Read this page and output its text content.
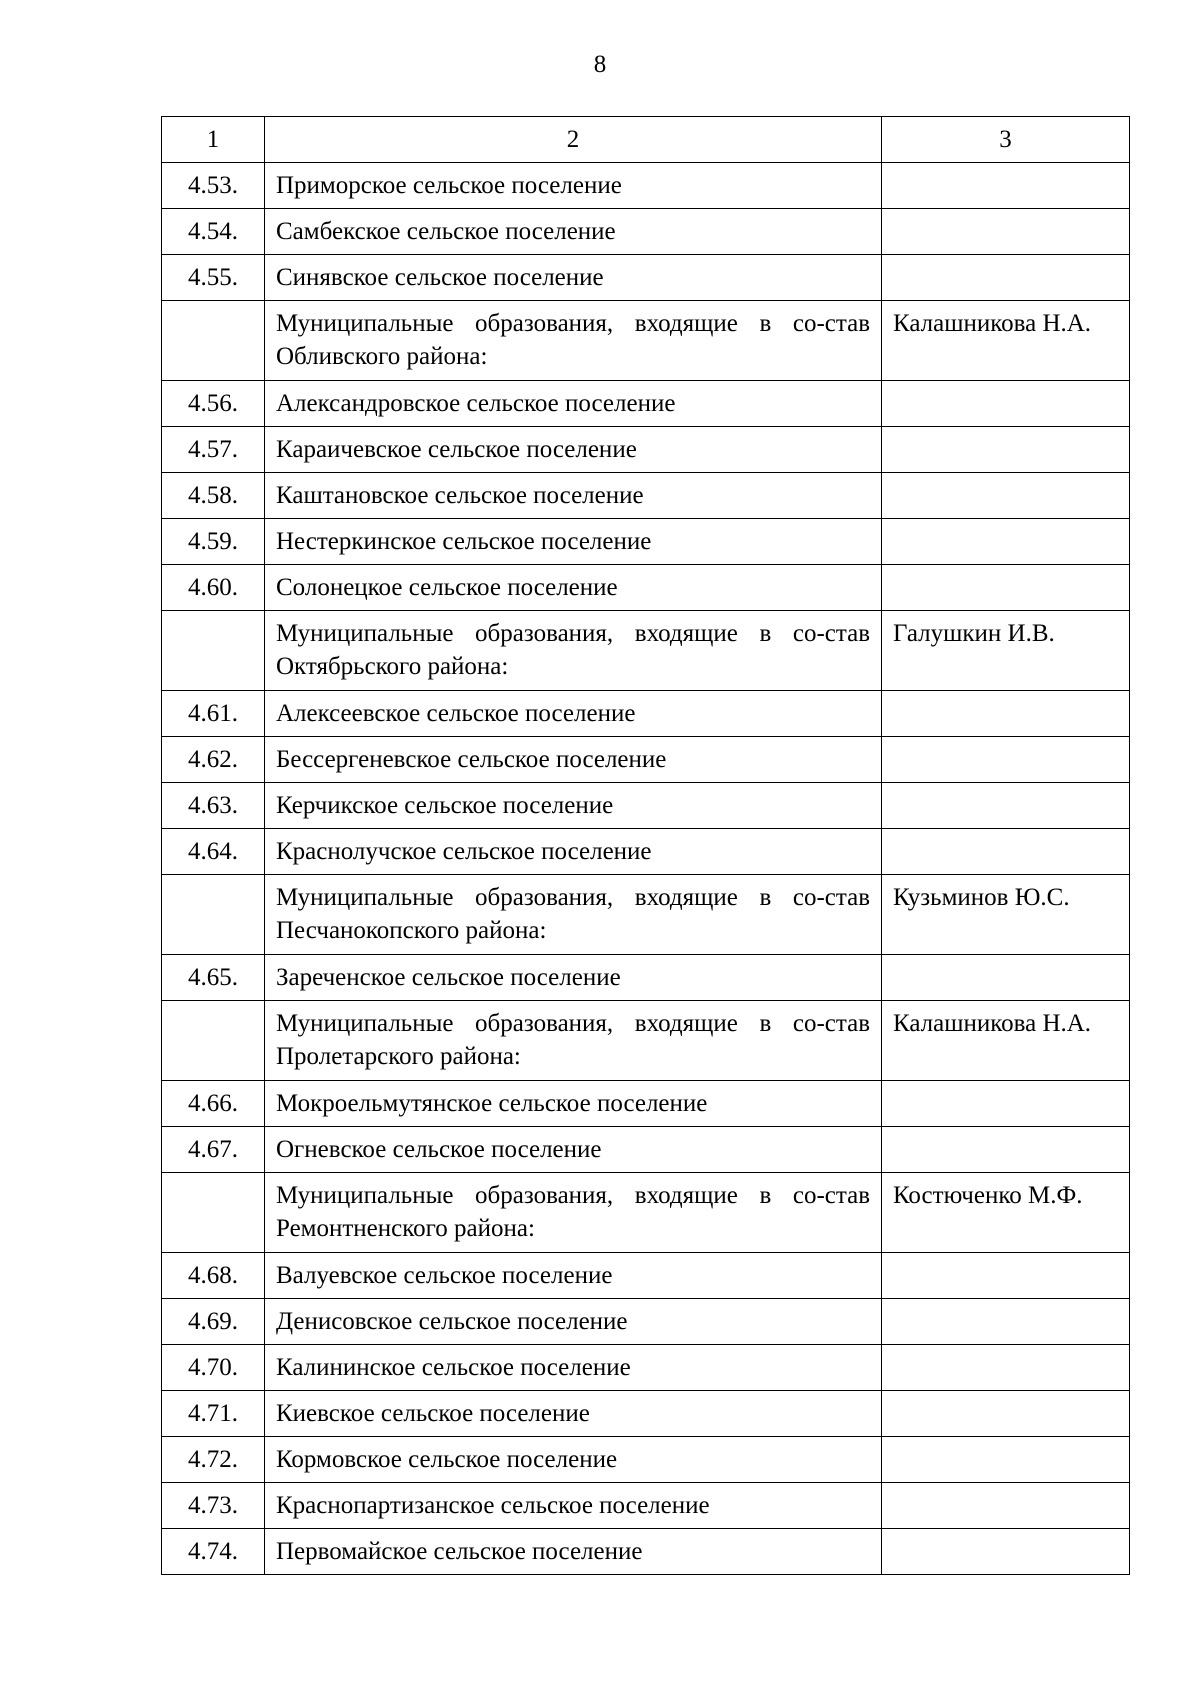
8
1	2	3
4.53.	Приморское сельское поселение	
4.54.	Самбекское сельское поселение	
4.55.	Синявское сельское поселение	
	Муниципальные образования, входящие в со-став Обливского района:	Калашникова Н.А.
4.56.	Александровское сельское поселение	
4.57.	Караичевское сельское поселение	
4.58.	Каштановское сельское поселение	
4.59.	Нестеркинское сельское поселение	
4.60.	Солонецкое сельское поселение	
	Муниципальные образования, входящие в со-став Октябрьского района:	Галушкин И.В.
4.61.	Алексеевское сельское поселение	
4.62.	Бессергеневское сельское поселение	
4.63.	Керчикское сельское поселение	
4.64.	Краснолучское сельское поселение	
	Муниципальные образования, входящие в со-став Песчанокопского района:	Кузьминов Ю.С.
4.65.	Зареченское сельское поселение	
	Муниципальные образования, входящие в со-став Пролетарского района:	Калашникова Н.А.
4.66.	Мокроельмутянское сельское поселение	
4.67.	Огневское сельское поселение	
	Муниципальные образования, входящие в со-став Ремонтненского района:	Костюченко М.Ф.
4.68.	Валуевское сельское поселение	
4.69.	Денисовское сельское поселение	
4.70.	Калининское сельское поселение	
4.71.	Киевское сельское поселение	
4.72.	Кормовское сельское поселение	
4.73.	Краснопартизанское сельское поселение	
4.74.	Первомайское сельское поселение	
